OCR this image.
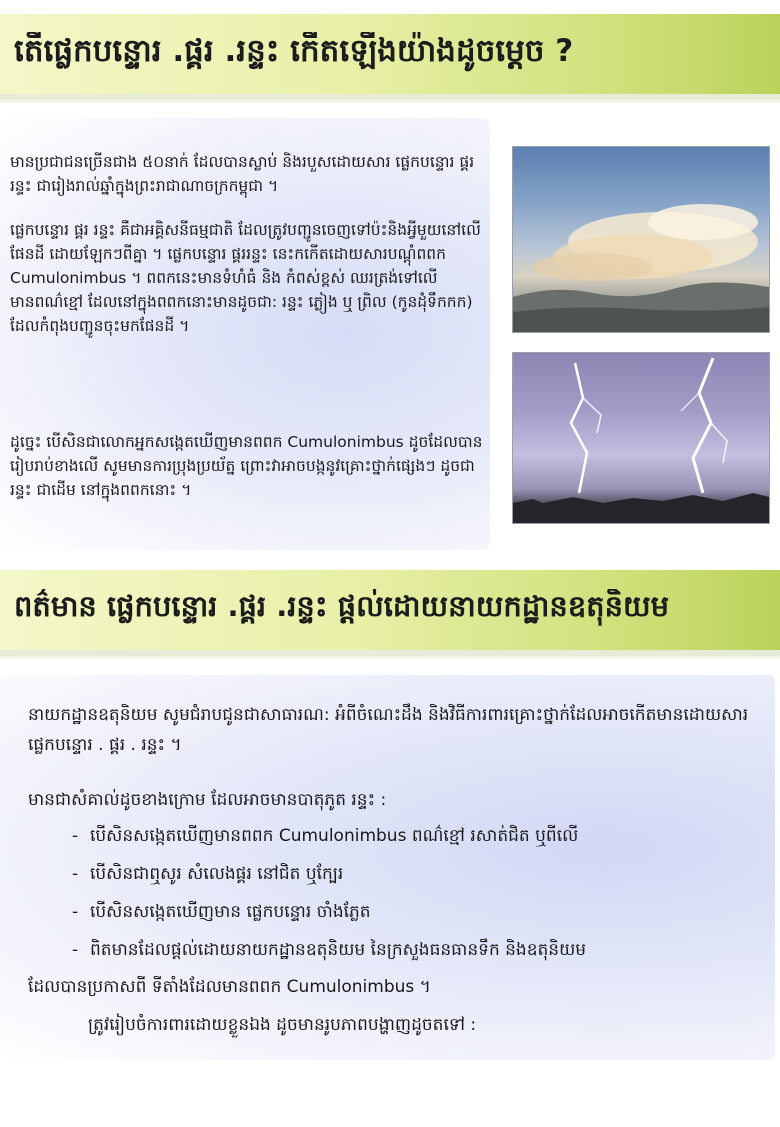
តើផ្លេកបន្ទោរ .ផ្គរ .រន្ទះ កើតឡើងយ៉ាងដូចម្តេច ?

មានប្រជាជនច្រើនជាង ៥០នាក់ ដែលបានស្លាប់ និងរបួសដោយសារ ផ្លេកបន្ទោរ ផ្គរ រន្ទះ ជារៀងរាល់ឆ្នាំក្នុងព្រះរាជាណាចក្រកម្ពុជា ។

ផ្លេកបន្ទោរ ផ្គរ រន្ទះ គឺជាអគ្គិសនីធម្មជាតិ ដែលត្រូវបញ្ជូនចេញទៅប៉ះនិងអ្វីមួយនៅលើផែនដី ដោយឡែកៗពីគ្នា ។ ផ្លេកបន្ទោរ ផ្គររន្ទះ នេះកកើតដោយសារបណ្តុំពពក Cumulonimbus ។ ពពកនេះមានទំហំធំ និង កំពស់ខ្ពស់ ឈរត្រង់ទៅលើមានពណ៌ខ្មៅ ដែលនៅក្នុងពពកនោះមានដូចជា: រន្ទះ ភ្លៀង ឬ ព្រិល (កូនដុំទឹកកក) ដែលកំពុងបញ្ជូនចុះមកផែនដី ។

ដូច្នេះ បើសិនជាលោកអ្នកសង្កេតឃើញមានពពក Cumulonimbus ដូចដែលបានរៀបរាប់ខាងលើ សូមមានការប្រុងប្រយ័ត្ន ព្រោះវាអាចបង្កនូវគ្រោះថ្នាក់ផ្សេងៗ ដូចជា រន្ទះ ជាដើម នៅក្នុងពពកនោះ ។

ពត៌មាន ផ្លេកបន្ទោរ .ផ្គរ .រន្ទះ ផ្តល់ដោយនាយកដ្ឋានឧតុនិយម

នាយកដ្ឋានឧតុនិយម សូមជំរាបជូនជាសាធារណ: អំពីចំណេះដឹង និងវិធីការពារគ្រោះថ្នាក់ដែលអាចកើតមានដោយសារ ផ្លេកបន្ទោរ . ផ្គរ . រន្ទះ ។

មានជាសំគាល់ដូចខាងក្រោម ដែលអាចមានបាតុភូត រន្ទះ :

- បើសិនសង្កេតឃើញមានពពក Cumulonimbus ពណ៌ខ្មៅ រសាត់ជិត ឬពីលើ
- បើសិនជាឮសូរ សំលេងផ្គរ នៅជិត ឬក្បែរ
- បើសិនសង្កេតឃើញមាន ផ្លេកបន្ទោរ ចាំងភ្លែត
- ពិតមានដែលផ្តល់ដោយនាយកដ្ឋានឧតុនិយម នៃក្រសួងធនធានទឹក និងឧតុនិយម

ដែលបានប្រកាសពី ទីតាំងដែលមានពពក Cumulonimbus ។

ត្រូវរៀបចំការពារដោយខ្លួនឯង ដូចមានរូបភាពបង្ហាញដូចតទៅ :
